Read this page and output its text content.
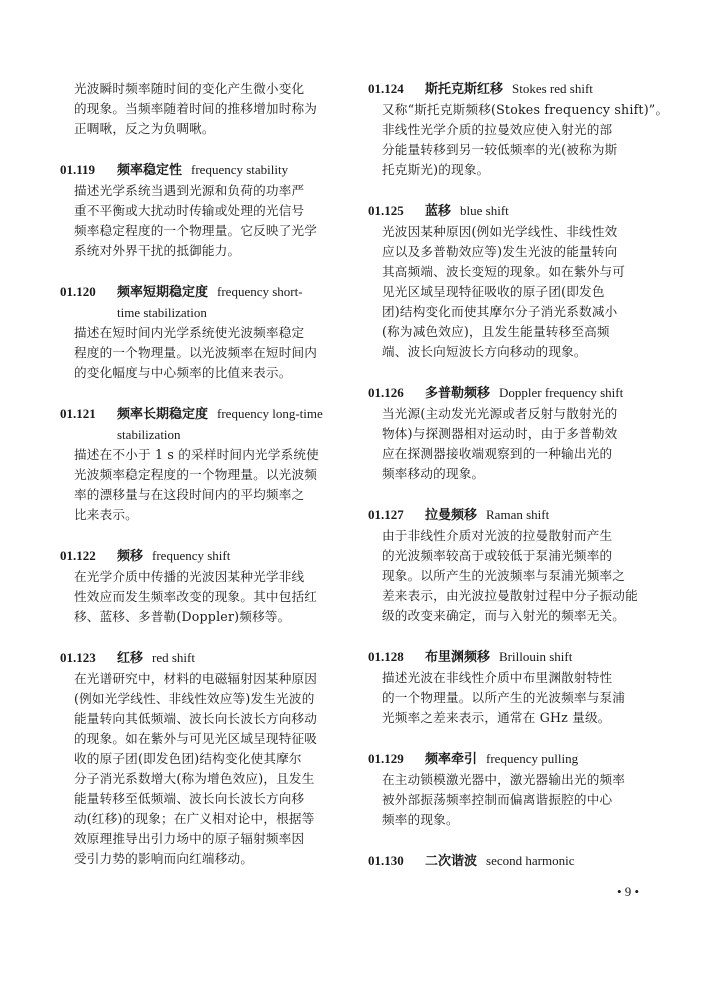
光波瞬时频率随时间的变化产生微小变化

的现象。当频率随着时间的推移增加时称为

正啁啾，反之为负啁啾。

01.119 频率稳定性 frequency stability

描述光学系统当遇到光源和负荷的功率严

重不平衡或大扰动时传输或处理的光信号

频率稳定程度的一个物理量。它反映了光学

系统对外界干扰的抵御能力。

01.120 频率短期稳定度 frequency short-
time stabilization

描述在短时间内光学系统使光波频率稳定

程度的一个物理量。以光波频率在短时间内

的变化幅度与中心频率的比值来表示。

01.121 频率长期稳定度 frequency long-time
stabilization

描述在不小于 1 s 的采样时间内光学系统使

光波频率稳定程度的一个物理量。以光波频

率的漂移量与在这段时间内的平均频率之

比来表示。

01.122 频移 frequency shift

在光学介质中传播的光波因某种光学非线

性效应而发生频率改变的现象。其中包括红

移、蓝移、多普勒(Doppler)频移等。

01.123 红移 red shift

在光谱研究中，材料的电磁辐射因某种原因

(例如光学线性、非线性效应等)发生光波的

能量转向其低频端、波长向长波长方向移动

的现象。如在紫外与可见光区域呈现特征吸

收的原子团(即发色团)结构变化使其摩尔

分子消光系数增大(称为增色效应)，且发生

能量转移至低频端、波长向长波长方向移

动(红移)的现象；在广义相对论中，根据等

效原理推导出引力场中的原子辐射频率因

受引力势的影响而向红端移动。

01.124 斯托克斯红移 Stokes red shift

又称“斯托克斯频移(Stokes frequency shift)”。

非线性光学介质的拉曼效应使入射光的部

分能量转移到另一较低频率的光(被称为斯

托克斯光)的现象。

01.125 蓝移 blue shift

光波因某种原因(例如光学线性、非线性效

应以及多普勒效应等)发生光波的能量转向

其高频端、波长变短的现象。如在紫外与可

见光区域呈现特征吸收的原子团(即发色

团)结构变化而使其摩尔分子消光系数减小

(称为减色效应)，且发生能量转移至高频

端、波长向短波长方向移动的现象。

01.126 多普勒频移 Doppler frequency shift

当光源(主动发光光源或者反射与散射光的

物体)与探测器相对运动时，由于多普勒效

应在探测器接收端观察到的一种输出光的

频率移动的现象。

01.127 拉曼频移 Raman shift

由于非线性介质对光波的拉曼散射而产生

的光波频率较高于或较低于泵浦光频率的

现象。以所产生的光波频率与泵浦光频率之

差来表示，由光波拉曼散射过程中分子振动能

级的改变来确定，而与入射光的频率无关。

01.128 布里渊频移 Brillouin shift

描述光波在非线性介质中布里渊散射特性

的一个物理量。以所产生的光波频率与泵浦

光频率之差来表示，通常在 GHz 量级。

01.129 频率牵引 frequency pulling

在主动锁模激光器中，激光器输出光的频率

被外部振荡频率控制而偏离谐振腔的中心

频率的现象。

01.130 二次谐波 second harmonic
• 9 •
